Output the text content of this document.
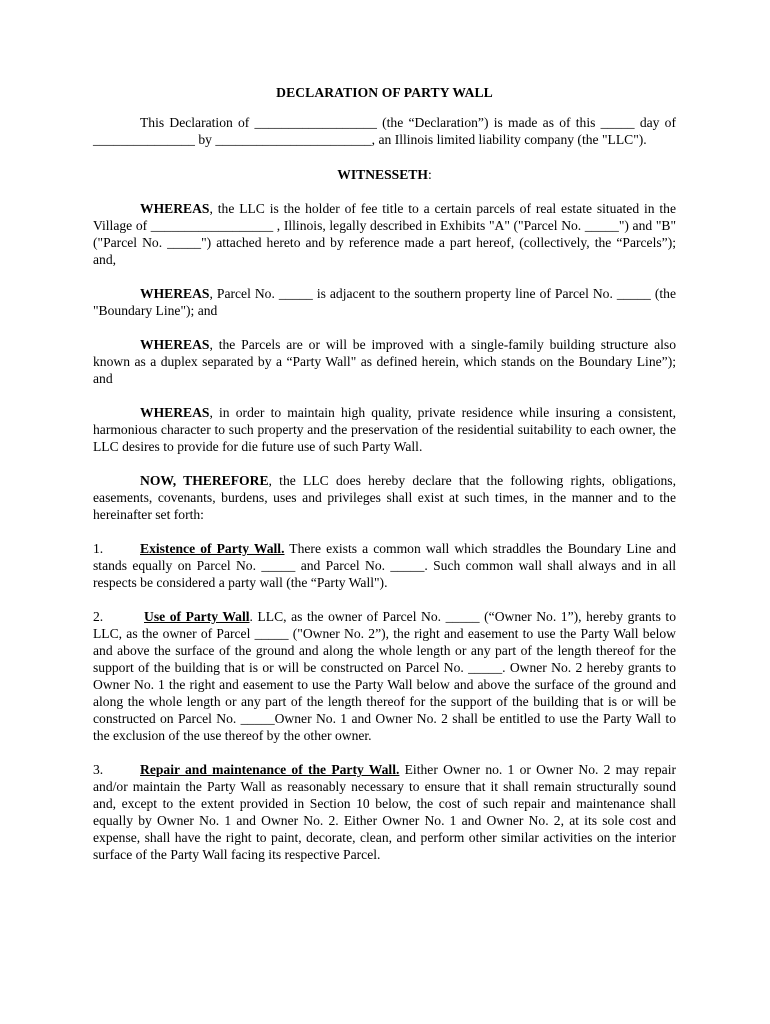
DECLARATION OF PARTY WALL

This Declaration of __________________ (the “Declaration”) is made as of this _____ day of _______________ by _______________________, an Illinois limited liability company (the "LLC").

WITNESSETH:

WHEREAS, the LLC is the holder of fee title to a certain parcels of real estate situated in the Village of __________________ , Illinois, legally described in Exhibits "A" ("Parcel No. _____") and "B" ("Parcel No. _____") attached hereto and by reference made a part hereof, (collectively, the “Parcels”); and,

WHEREAS, Parcel No. _____ is adjacent to the southern property line of Parcel No. _____ (the "Boundary Line"); and

WHEREAS, the Parcels are or will be improved with a single-family building structure also known as a duplex separated by a “Party Wall" as defined herein, which stands on the Boundary Line”); and

WHEREAS, in order to maintain high quality, private residence while insuring a consistent, harmonious character to such property and the preservation of the residential suitability to each owner, the LLC desires to provide for die future use of such Party Wall.

NOW, THEREFORE, the LLC does hereby declare that the following rights, obligations, easements, covenants, burdens, uses and privileges shall exist at such times, in the manner and to the hereinafter set forth:

1.	Existence of Party Wall. There exists a common wall which straddles the Boundary Line and stands equally on Parcel No. _____ and Parcel No. _____. Such common wall shall always and in all respects be considered a party wall (the “Party Wall").

2.	Use of Party Wall. LLC, as the owner of Parcel No. _____ (“Owner No. 1”), hereby grants to LLC, as the owner of Parcel _____ ("Owner No. 2”), the right and easement to use the Party Wall below and above the surface of the ground and along the whole length or any part of the length thereof for the support of the building that is or will be constructed on Parcel No. _____. Owner No. 2 hereby grants to Owner No. 1 the right and easement to use the Party Wall below and above the surface of the ground and along the whole length or any part of the length thereof for the support of the building that is or will be constructed on Parcel No. _____Owner No. 1 and Owner No. 2 shall be entitled to use the Party Wall to the exclusion of the use thereof by the other owner.

3.	Repair and maintenance of the Party Wall. Either Owner no. 1 or Owner No. 2 may repair and/or maintain the Party Wall as reasonably necessary to ensure that it shall remain structurally sound and, except to the extent provided in Section 10 below, the cost of such repair and maintenance shall equally by Owner No. 1 and Owner No. 2. Either Owner No. 1 and Owner No. 2, at its sole cost and expense, shall have the right to paint, decorate, clean, and perform other similar activities on the interior surface of the Party Wall facing its respective Parcel.
